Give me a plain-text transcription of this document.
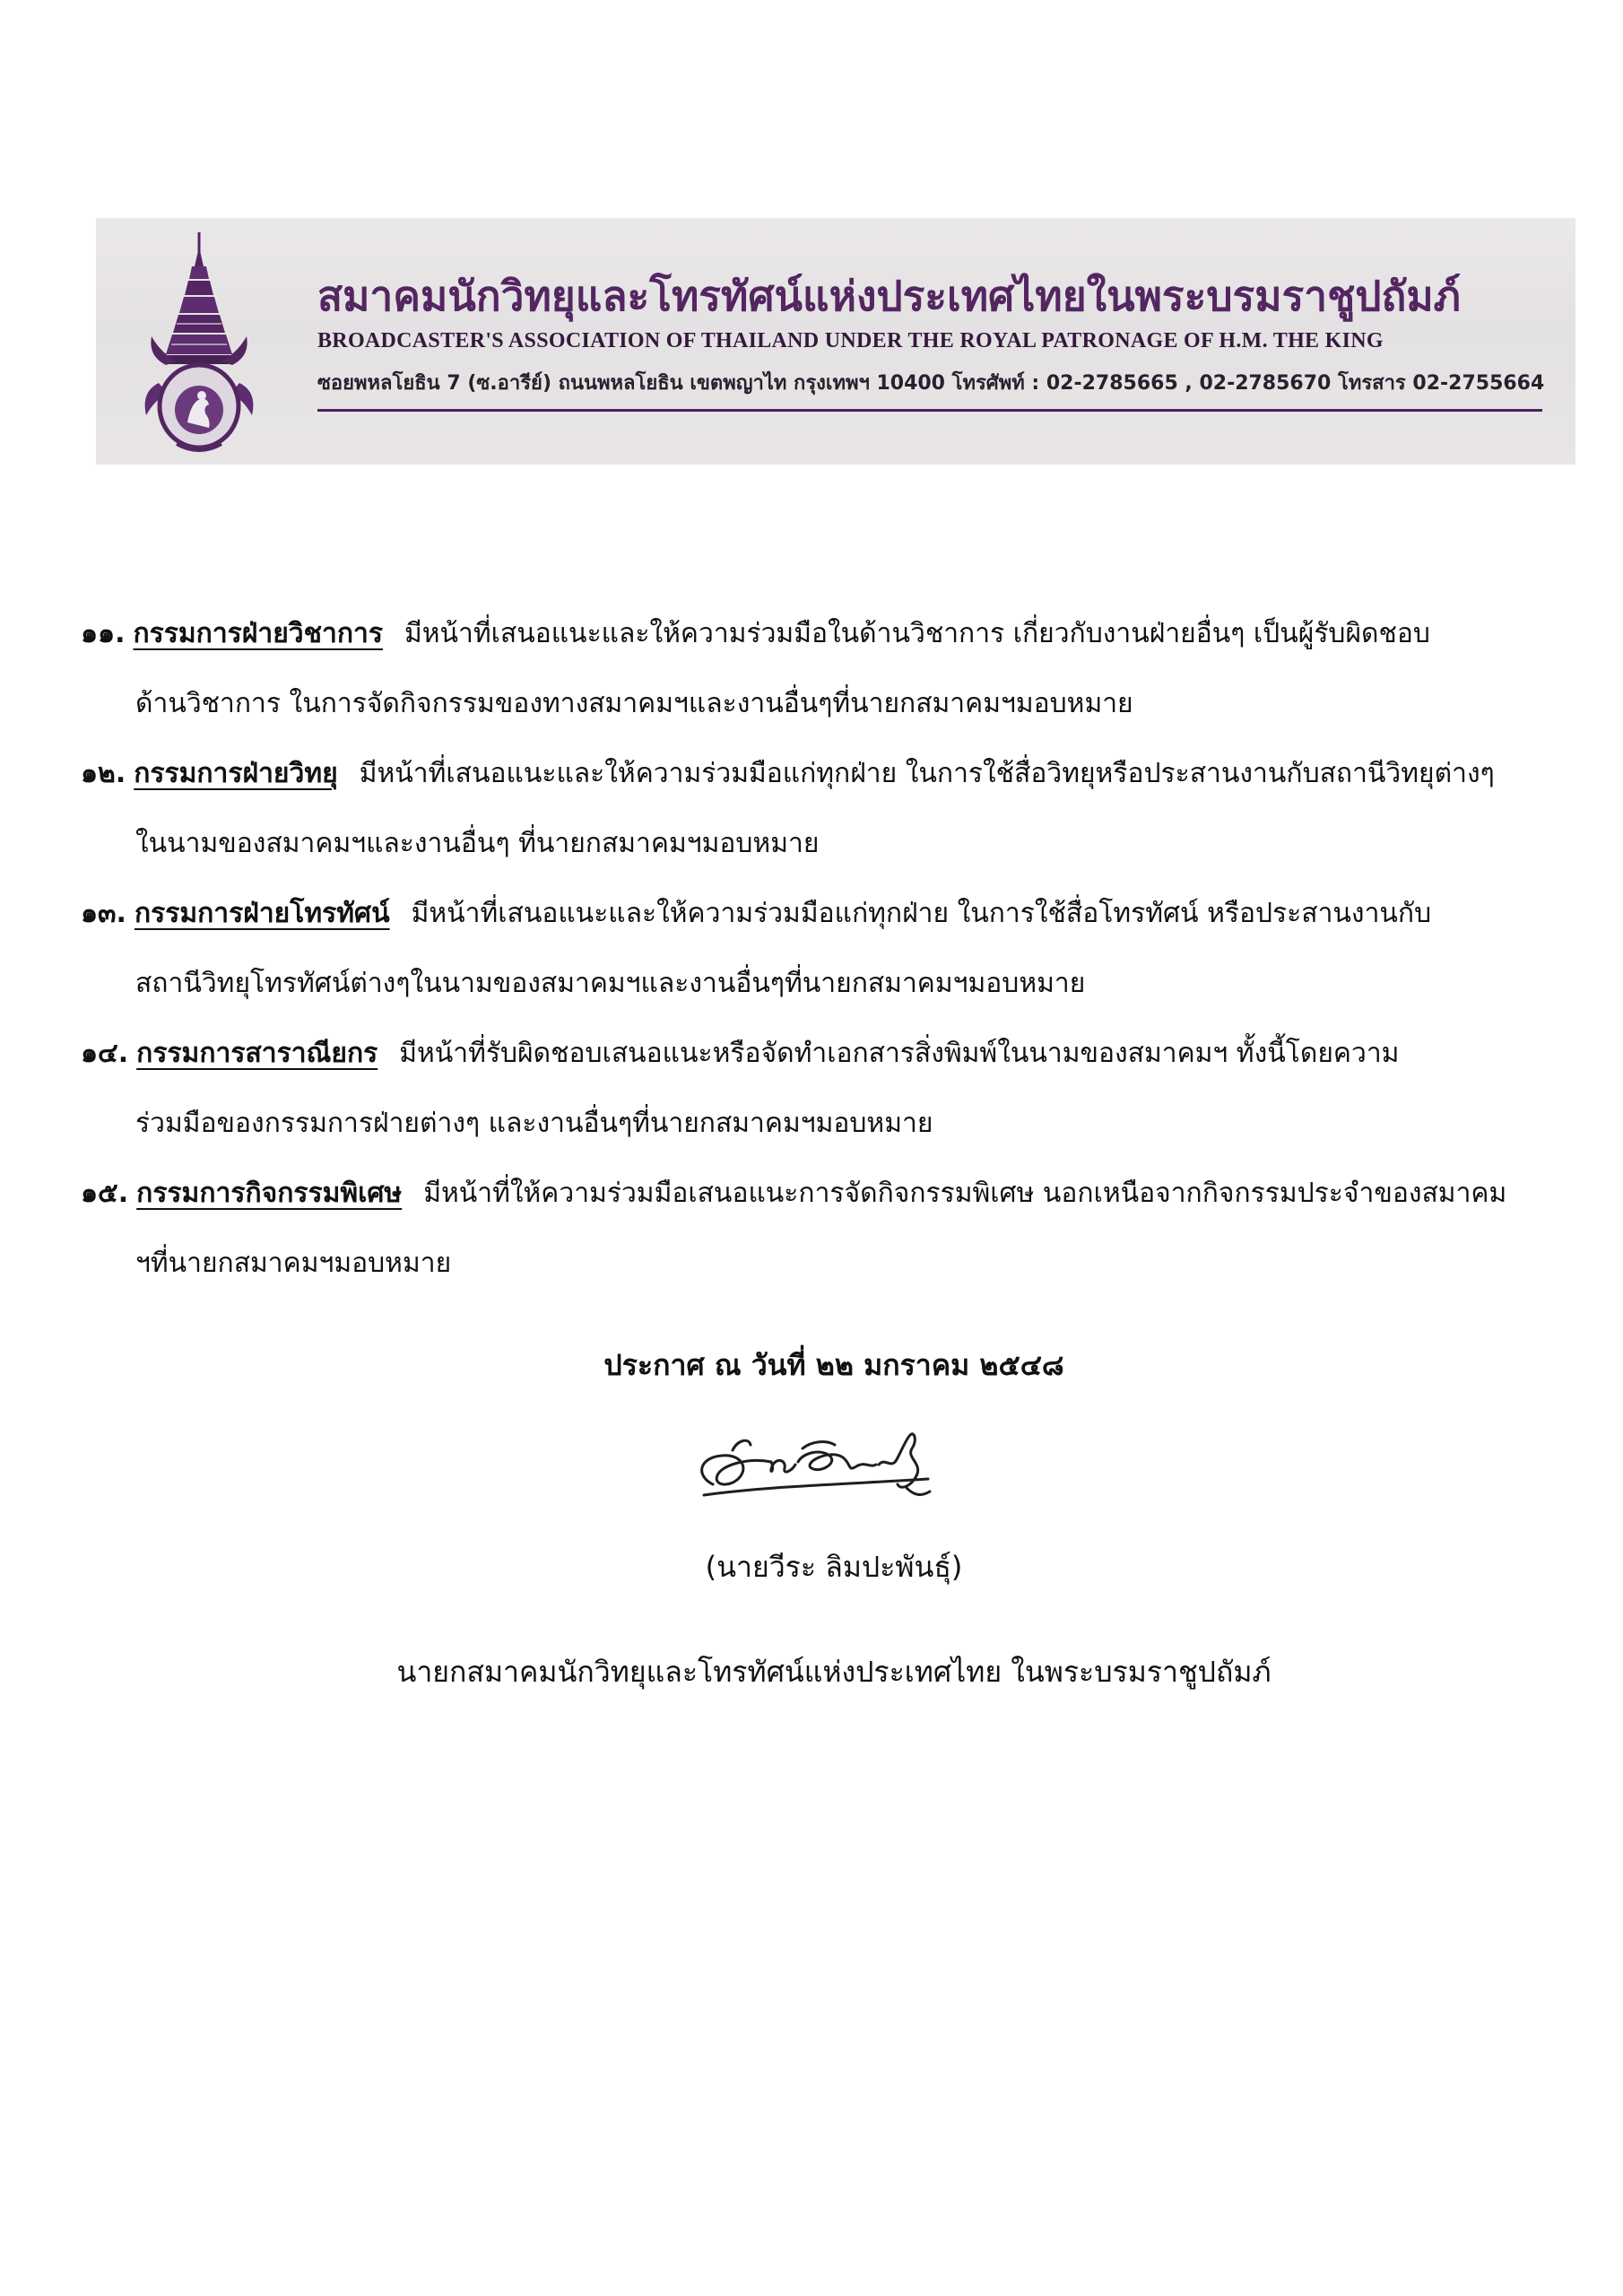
สมาคมนักวิทยุและโทรทัศน์แห่งประเทศไทยในพระบรมราชูปถัมภ์
BROADCASTER'S ASSOCIATION OF THAILAND UNDER THE ROYAL PATRONAGE OF H.M. THE KING
ซอยพหลโยธิน 7 (ซ.อารีย์) ถนนพหลโยธิน เขตพญาไท กรุงเทพฯ 10400 โทรศัพท์ : 02-2785665 , 02-2785670 โทรสาร 02-2755664
๑๑. กรรมการฝ่ายวิชาการ มีหน้าที่เสนอแนะและให้ความร่วมมือในด้านวิชาการ เกี่ยวกับงานฝ่ายอื่นๆ เป็นผู้รับผิดชอบ
ด้านวิชาการ ในการจัดกิจกรรมของทางสมาคมฯและงานอื่นๆที่นายกสมาคมฯมอบหมาย
๑๒. กรรมการฝ่ายวิทยุ มีหน้าที่เสนอแนะและให้ความร่วมมือแก่ทุกฝ่าย ในการใช้สื่อวิทยุหรือประสานงานกับสถานีวิทยุต่างๆ
ในนามของสมาคมฯและงานอื่นๆ ที่นายกสมาคมฯมอบหมาย
๑๓. กรรมการฝ่ายโทรทัศน์ มีหน้าที่เสนอแนะและให้ความร่วมมือแก่ทุกฝ่าย ในการใช้สื่อโทรทัศน์ หรือประสานงานกับ
สถานีวิทยุโทรทัศน์ต่างๆในนามของสมาคมฯและงานอื่นๆที่นายกสมาคมฯมอบหมาย
๑๔. กรรมการสาราณียกร มีหน้าที่รับผิดชอบเสนอแนะหรือจัดทำเอกสารสิ่งพิมพ์ในนามของสมาคมฯ ทั้งนี้โดยความ
ร่วมมือของกรรมการฝ่ายต่างๆ และงานอื่นๆที่นายกสมาคมฯมอบหมาย
๑๕. กรรมการกิจกรรมพิเศษ มีหน้าที่ให้ความร่วมมือเสนอแนะการจัดกิจกรรมพิเศษ นอกเหนือจากกิจกรรมประจำของสมาคม
ฯที่นายกสมาคมฯมอบหมาย
ประกาศ ณ วันที่ ๒๒ มกราคม ๒๕๔๘
(นายวีระ ลิมปะพันธุ์)
นายกสมาคมนักวิทยุและโทรทัศน์แห่งประเทศไทย ในพระบรมราชูปถัมภ์
